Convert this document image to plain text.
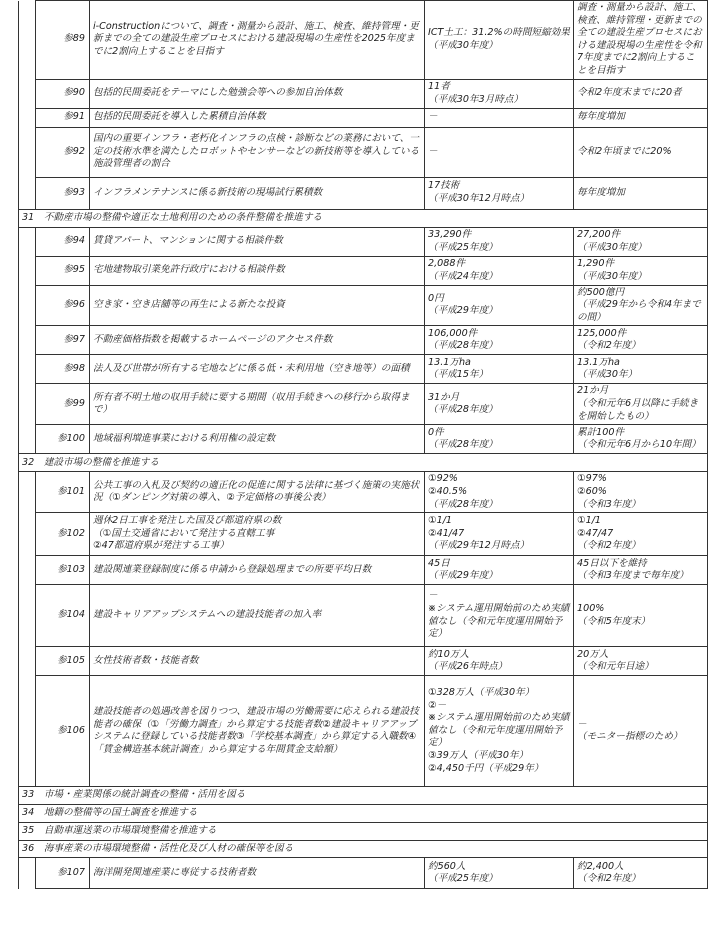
	参89	i-Constructionについて、調査・測量から設計、施工、検査、維持管理・更新までの全ての建設生産プロセスにおける建設現場の生産性を2025年度までに2割向上することを目指す	ICT土工：31.2%の時間短縮効果
（平成30年度）	調査・測量から設計、施工、検査、維持管理・更新までの全ての建設生産プロセスにおける建設現場の生産性を令和7年度までに2割向上することを目指す

	参90	包括的民間委託をテーマにした勉強会等への参加自治体数	11者
（平成30年3月時点）	令和2年度末までに20者

	参91	包括的民間委託を導入した累積自治体数	－	毎年度増加

	参92	国内の重要インフラ・老朽化インフラの点検・診断などの業務において、一定の技術水準を満たしたロボットやセンサーなどの新技術等を導入している施設管理者の割合	－	令和2年頃までに20%

	参93	インフラメンテナンスに係る新技術の現場試行累積数	17技術
（平成30年12月時点）	毎年度増加
31　 不動産市場の整備や適正な土地利用のための条件整備を推進する				

	参94	賃貸アパート、マンションに関する相談件数	33,290件
（平成25年度）	27,200件
（平成30年度）

	参95	宅地建物取引業免許行政庁における相談件数	2,088件
（平成24年度）	1,290件
（平成30年度）

	参96	空き家・空き店舗等の再生による新たな投資	0円
（平成29年度）	約500億円
（平成29年から令和4年までの間）

	参97	不動産価格指数を掲載するホームページのアクセス件数	106,000件
（平成28年度）	125,000件
（令和2年度）

	参98	法人及び世帯が所有する宅地などに係る低・未利用地（空き地等）の面積	13.1万ha
（平成15年）	13.1万ha
（平成30年）

	参99	所有者不明土地の収用手続に要する期間（収用手続きへの移行から取得まで）	31か月
（平成28年度）	21か月
（令和元年6月以降に手続きを開始したもの）

	参100	地域福利増進事業における利用権の設定数	0件
（平成28年度）	累計100件
（令和元年6月から10年間）
32　 建設市場の整備を推進する				

	参101	公共工事の入札及び契約の適正化の促進に関する法律に基づく施策の実施状況（①ダンピング対策の導入、②予定価格の事後公表）	①92%
②40.5%
（平成28年度）	①97%
②60%
（令和3年度）

	参102	週休2日工事を発注した国及び都道府県の数
（①国土交通省において発注する直轄工事
②47都道府県が発注する工事）	①1/1
②41/47
（平成29年12月時点）	①1/1
②47/47
（令和2年度）

	参103	建設関連業登録制度に係る申請から登録処理までの所要平均日数	45日
（平成29年度）	45日以下を維持
（令和3年度まで毎年度）

	参104	建設キャリアアップシステムへの建設技能者の加入率	－
※システム運用開始前のため実績値なし（令和元年度運用開始予定）	100%
（令和5年度末）

	参105	女性技術者数・技能者数	約10万人
（平成26年時点）	20万人
（令和元年目途）

	参106	建設技能者の処遇改善を図りつつ、建設市場の労働需要に応えられる建設技能者の確保（①「労働力調査」から算定する技能者数②建設キャリアアップシステムに登録している技能者数③「学校基本調査」から算定する入職数④「賃金構造基本統計調査」から算定する年間賃金支給額）	①328万人（平成30年）
②－
※システム運用開始前のため実績値なし（令和元年度運用開始予定）
③39万人（平成30年）
②4,450千円（平成29年）	－
（モニター指標のため）
33　 市場・産業関係の統計調査の整備・活用を図る				
34　 地籍の整備等の国土調査を推進する				
35　 自動車運送業の市場環境整備を推進する				
36　 海事産業の市場環境整備・活性化及び人材の確保等を図る				

	参107	海洋開発関連産業に専従する技術者数	約560人
（平成25年度）	約2,400人
（令和2年度）
